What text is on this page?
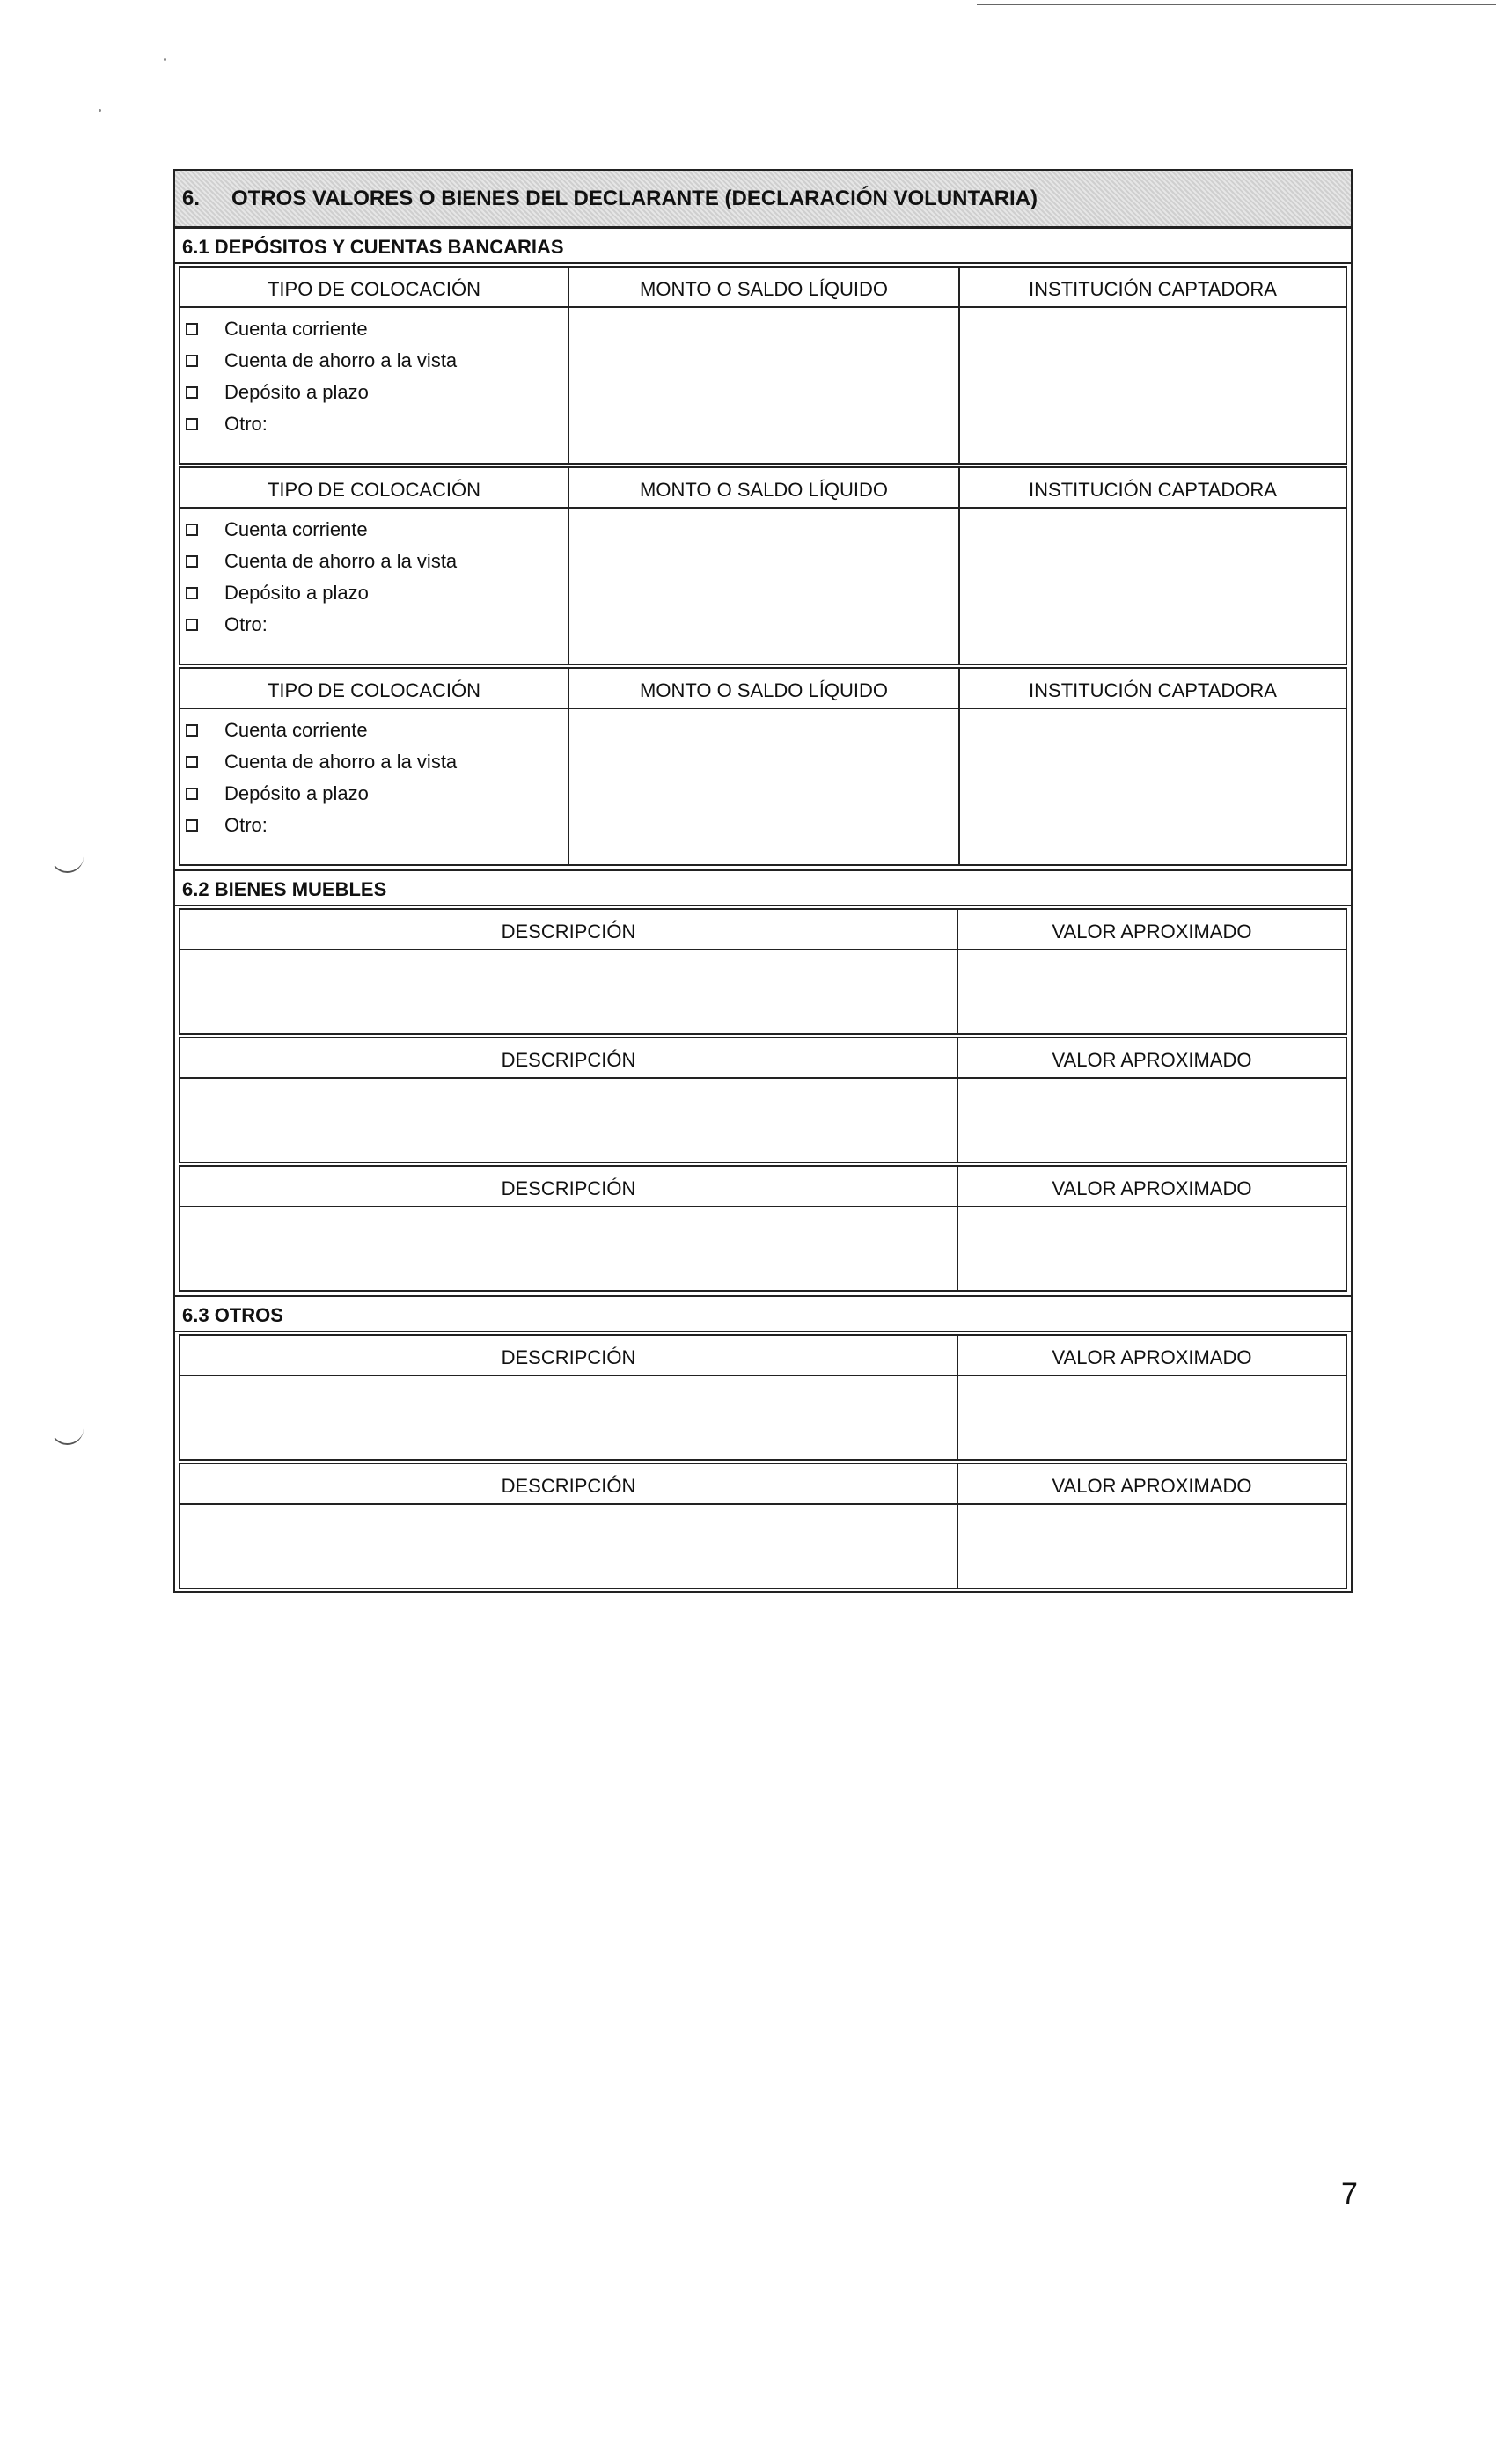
6.	OTROS VALORES O BIENES DEL DECLARANTE (DECLARACIÓN VOLUNTARIA)
6.1 DEPÓSITOS Y CUENTAS BANCARIAS
TIPO DE COLOCACIÓN	MONTO O SALDO LÍQUIDO	INSTITUCIÓN CAPTADORA
Cuenta corriente
Cuenta de ahorro a la vista
Depósito a plazo
Otro:
TIPO DE COLOCACIÓN	MONTO O SALDO LÍQUIDO	INSTITUCIÓN CAPTADORA
Cuenta corriente
Cuenta de ahorro a la vista
Depósito a plazo
Otro:
TIPO DE COLOCACIÓN	MONTO O SALDO LÍQUIDO	INSTITUCIÓN CAPTADORA
Cuenta corriente
Cuenta de ahorro a la vista
Depósito a plazo
Otro:
6.2 BIENES MUEBLES
DESCRIPCIÓN	VALOR APROXIMADO
DESCRIPCIÓN	VALOR APROXIMADO
DESCRIPCIÓN	VALOR APROXIMADO
6.3 OTROS
DESCRIPCIÓN	VALOR APROXIMADO
DESCRIPCIÓN	VALOR APROXIMADO
7
